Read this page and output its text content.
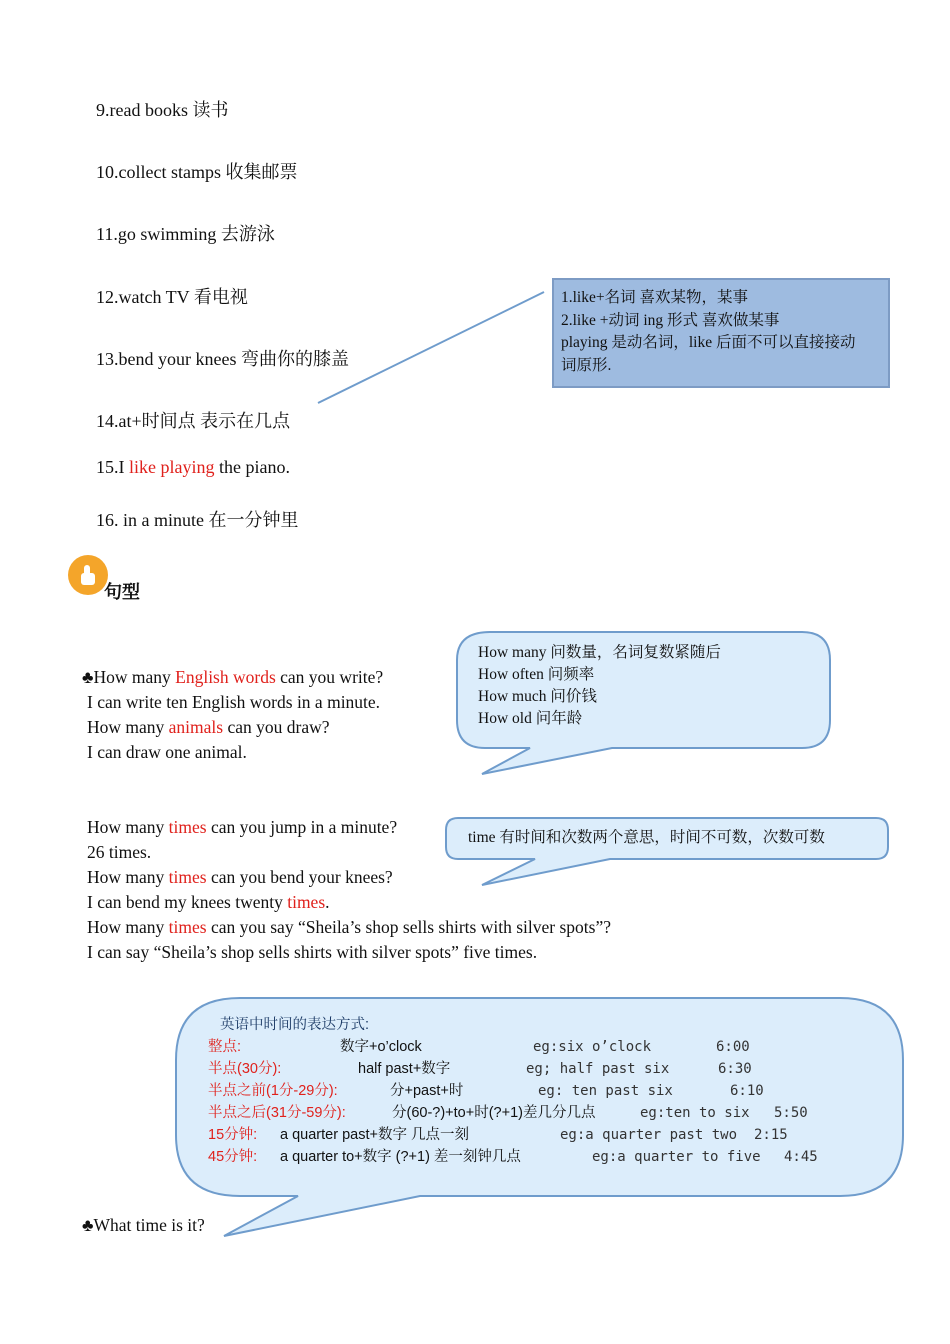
9.read books 读书
10.collect stamps 收集邮票
11.go swimming 去游泳
12.watch TV 看电视
13.bend your knees 弯曲你的膝盖
14.at+时间点 表示在几点
15.I like playing the piano.
16. in a minute 在一分钟里
1.like+名词 喜欢某物，某事
2.like +动词 ing 形式 喜欢做某事
playing 是动名词，like 后面不可以直接接动
词原形.
句型
♣How many English words can you write?
I can write ten English words in a minute.
How many animals can you draw?
I can draw one animal.
How many 问数量，名词复数紧随后
How often 问频率
How much 问价钱
How old 问年龄
How many times can you jump in a minute?
26 times.
How many times can you bend your knees?
I can bend my knees twenty times.
How many times can you say “Sheila’s shop sells shirts with silver spots”?
I can say “Sheila’s shop sells shirts with silver spots” five times.
time 有时间和次数两个意思，时间不可数，次数可数
英语中时间的表达方式:
整点:	数字+o’clock	eg:six o’clock	6:00
半点(30分):	half past+数字	eg; half past six	6:30
半点之前(1分-29分):	分+past+时	eg: ten past six	6:10
半点之后(31分-59分):	分(60-?)+to+时(?+1)差几分几点	eg:ten to six 5:50
15分钟: a quarter past+数字 几点一刻	eg:a quarter past two 2:15
45分钟: a quarter to+数字 (?+1) 差一刻钟几点	eg:a quarter to five 4:45
♣What time is it?
